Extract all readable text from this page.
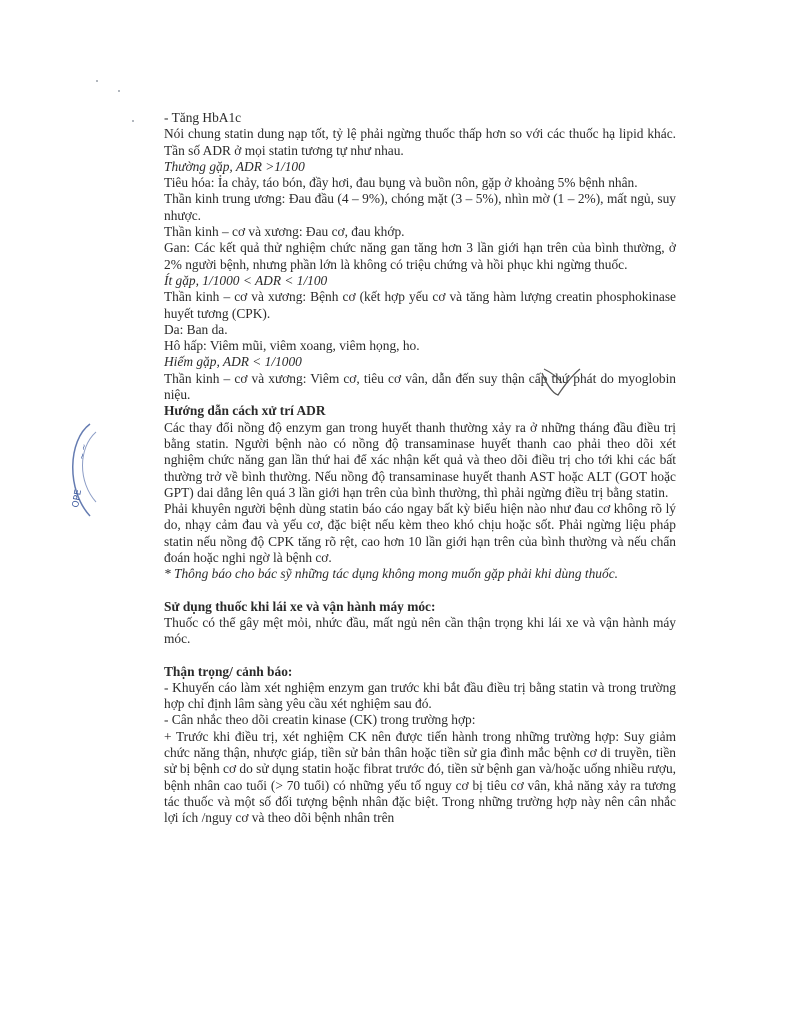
- Tăng HbA1c

Nói chung statin dung nạp tốt, tỷ lệ phải ngừng thuốc thấp hơn so với các thuốc hạ lipid khác. Tần số ADR ở mọi statin tương tự như nhau.

Thường gặp, ADR >1/100

Tiêu hóa: Ỉa chảy, táo bón, đầy hơi, đau bụng và buồn nôn, gặp ở khoảng 5% bệnh nhân.

Thần kinh trung ương: Đau đầu (4 – 9%), chóng mặt (3 – 5%), nhìn mờ (1 – 2%), mất ngủ, suy nhược.

Thần kinh – cơ và xương: Đau cơ, đau khớp.

Gan: Các kết quả thử nghiệm chức năng gan tăng hơn 3 lần giới hạn trên của bình thường, ở 2% người bệnh, nhưng phần lớn là không có triệu chứng và hồi phục khi ngừng thuốc.

Ít gặp, 1/1000 < ADR < 1/100

Thần kinh – cơ và xương: Bệnh cơ (kết hợp yếu cơ và tăng hàm lượng creatin phosphokinase huyết tương (CPK).

Da: Ban da.

Hô hấp: Viêm mũi, viêm xoang, viêm họng, ho.

Hiếm gặp, ADR < 1/1000

Thần kinh – cơ và xương: Viêm cơ, tiêu cơ vân, dẫn đến suy thận cấp thứ phát do myoglobin niệu.

Hướng dẫn cách xử trí ADR

Các thay đổi nồng độ enzym gan trong huyết thanh thường xảy ra ở những tháng đầu điều trị bằng statin. Người bệnh nào có nồng độ transaminase huyết thanh cao phải theo dõi xét nghiệm chức năng gan lần thứ hai để xác nhận kết quả và theo dõi điều trị cho tới khi các bất thường trở về bình thường. Nếu nồng độ transaminase huyết thanh AST hoặc ALT (GOT hoặc GPT) dai dẳng lên quá 3 lần giới hạn trên của bình thường, thì phải ngừng điều trị bằng statin.

Phải khuyên người bệnh dùng statin báo cáo ngay bất kỳ biểu hiện nào như đau cơ không rõ lý do, nhạy cảm đau và yếu cơ, đặc biệt nếu kèm theo khó chịu hoặc sốt. Phải ngừng liệu pháp statin nếu nồng độ CPK tăng rõ rệt, cao hơn 10 lần giới hạn trên của bình thường và nếu chẩn đoán hoặc nghi ngờ là bệnh cơ.

* Thông báo cho bác sỹ những tác dụng không mong muốn gặp phải khi dùng thuốc.

Sử dụng thuốc khi lái xe và vận hành máy móc:

Thuốc có thể gây mệt mỏi, nhức đầu, mất ngủ nên cần thận trọng khi lái xe và vận hành máy móc.

Thận trọng/ cảnh báo:

- Khuyến cáo làm xét nghiệm enzym gan trước khi bắt đầu điều trị bằng statin và trong trường hợp chỉ định lâm sàng yêu cầu xét nghiệm sau đó.

- Cân nhắc theo dõi creatin kinase (CK) trong trường hợp:

+ Trước khi điều trị, xét nghiệm CK nên được tiến hành trong những trường hợp: Suy giảm chức năng thận, nhược giáp, tiền sử bản thân hoặc tiền sử gia đình mắc bệnh cơ di truyền, tiền sử bị bệnh cơ do sử dụng statin hoặc fibrat trước đó, tiền sử bệnh gan và/hoặc uống nhiều rượu, bệnh nhân cao tuổi (> 70 tuổi) có những yếu tố nguy cơ bị tiêu cơ vân, khả năng xảy ra tương tác thuốc và một số đối tượng bệnh nhân đặc biệt. Trong những trường hợp này nên cân nhắc lợi ích /nguy cơ và theo dõi bệnh nhân trên

OPE
~ ~
